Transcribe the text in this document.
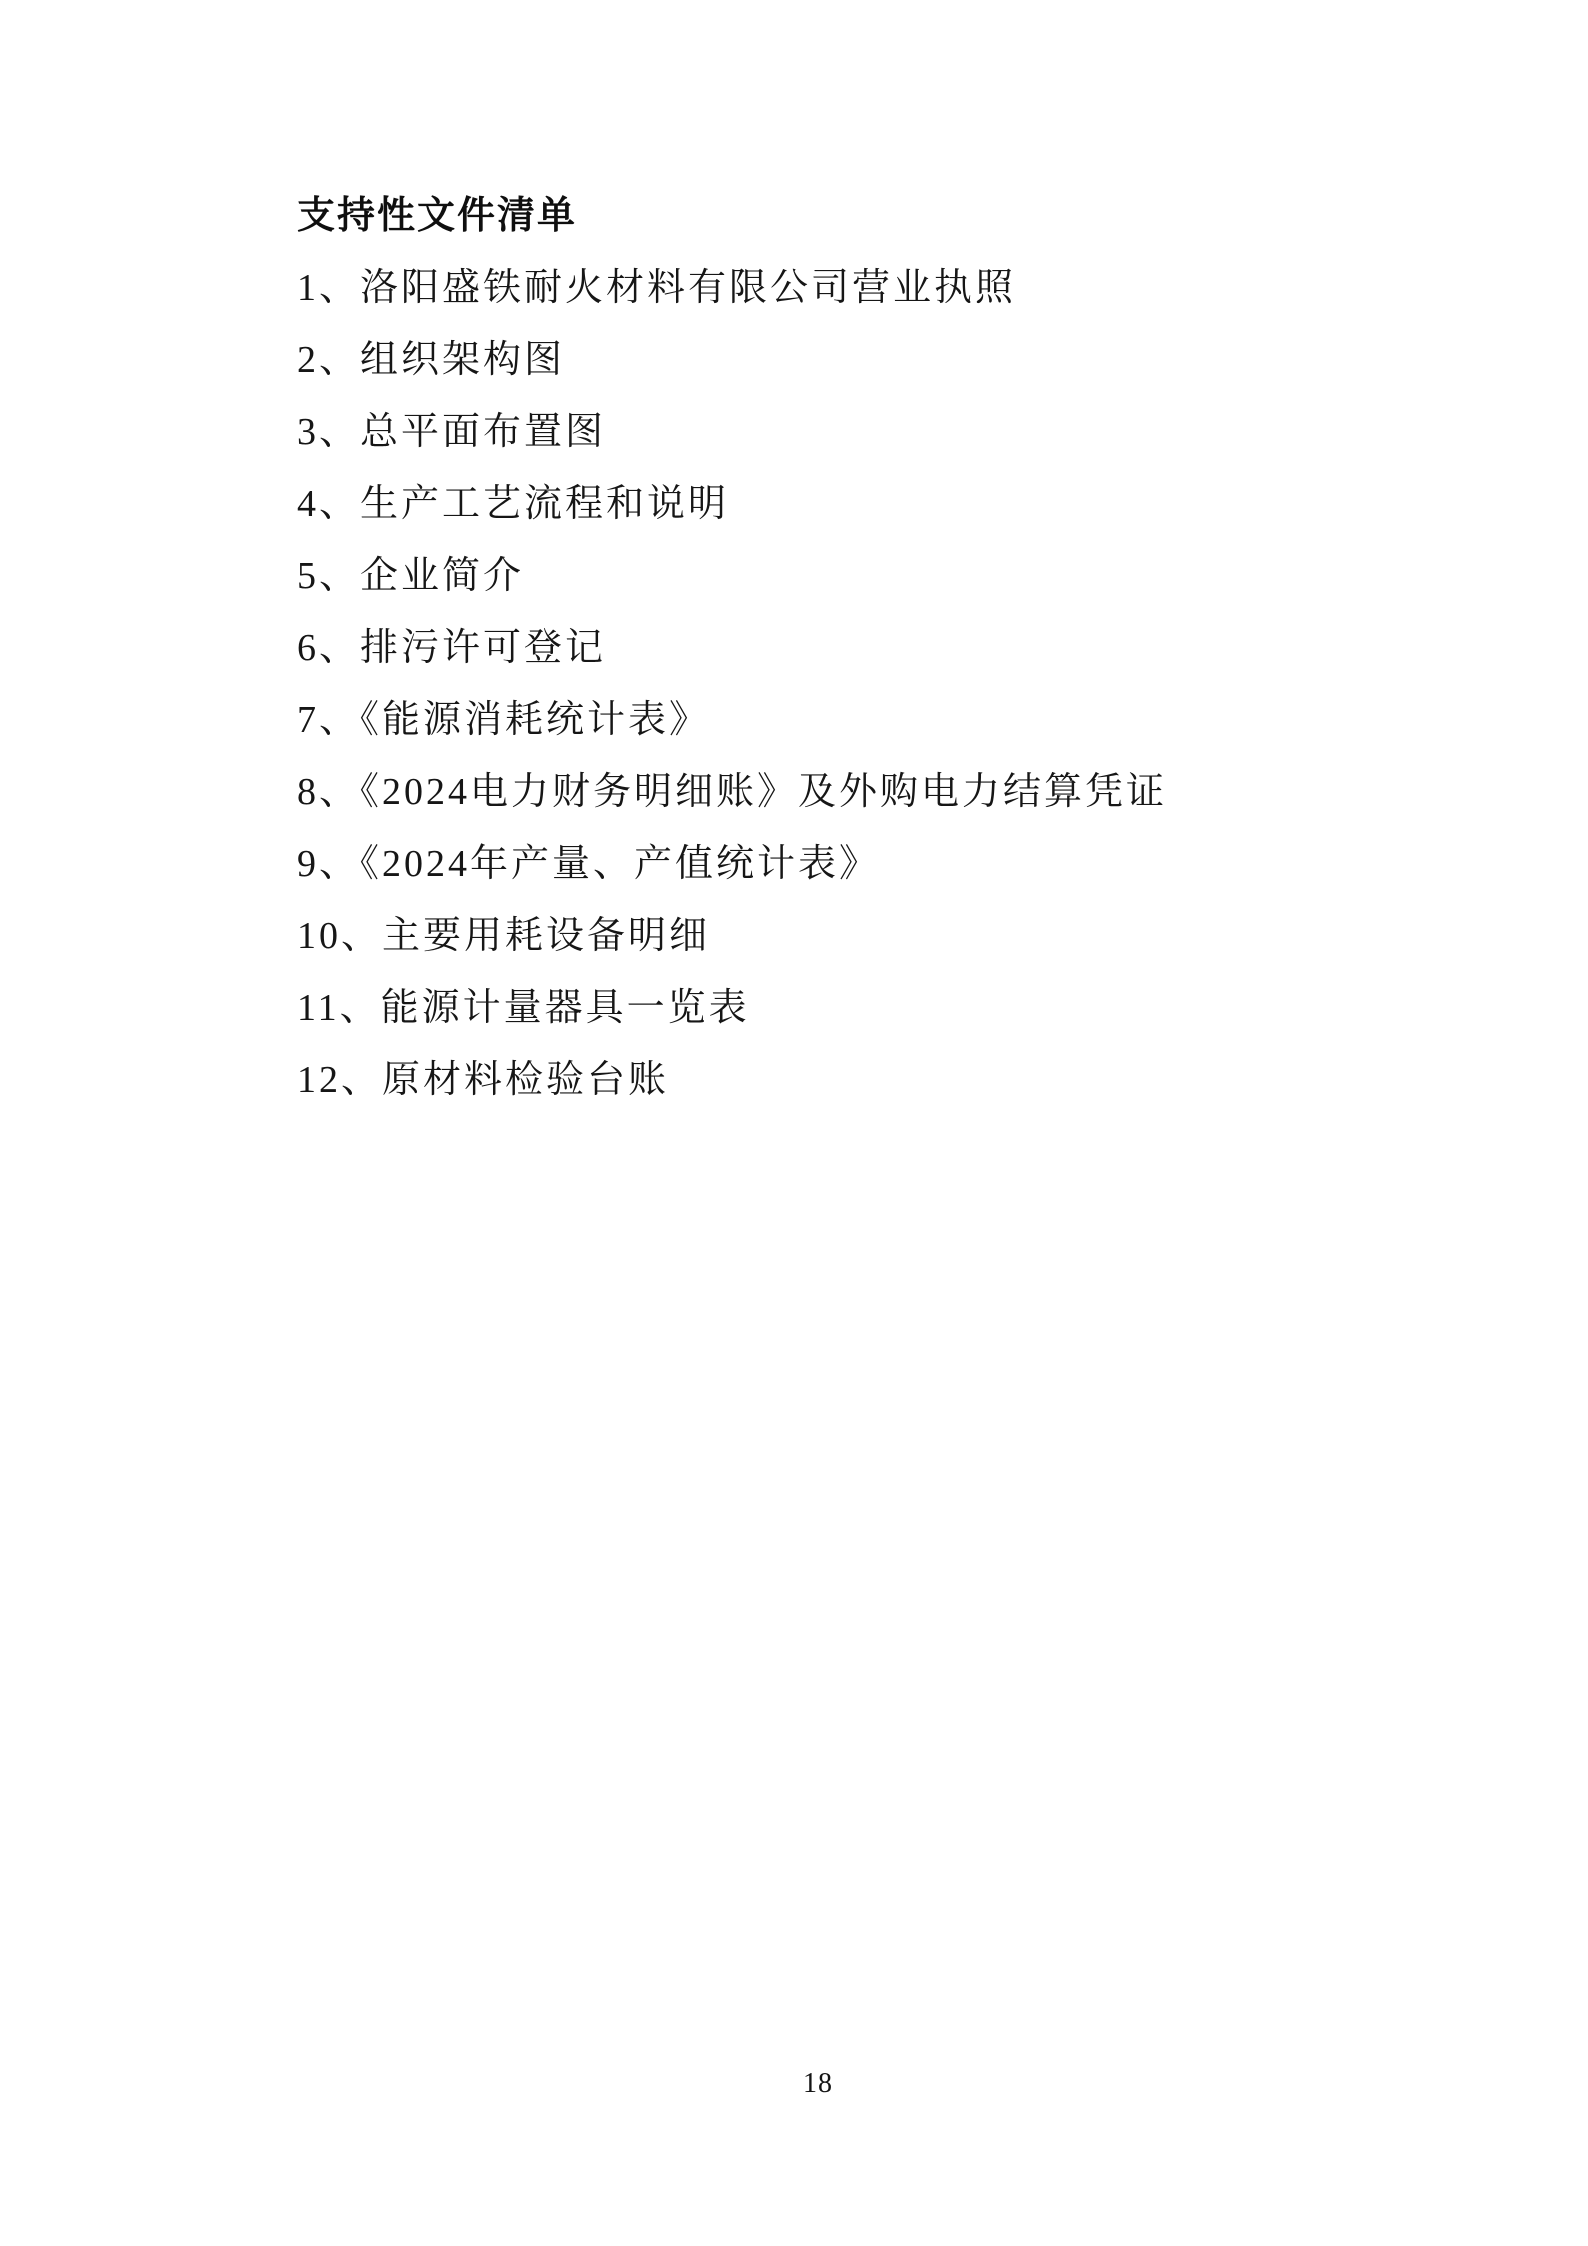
支持性文件清单
1、洛阳盛铁耐火材料有限公司营业执照
2、组织架构图
3、总平面布置图
4、生产工艺流程和说明
5、企业简介
6、排污许可登记
7、《能源消耗统计表》
8、《2024电力财务明细账》及外购电力结算凭证
9、《2024年产量、产值统计表》
10、主要用耗设备明细
11、能源计量器具一览表
12、原材料检验台账
18
